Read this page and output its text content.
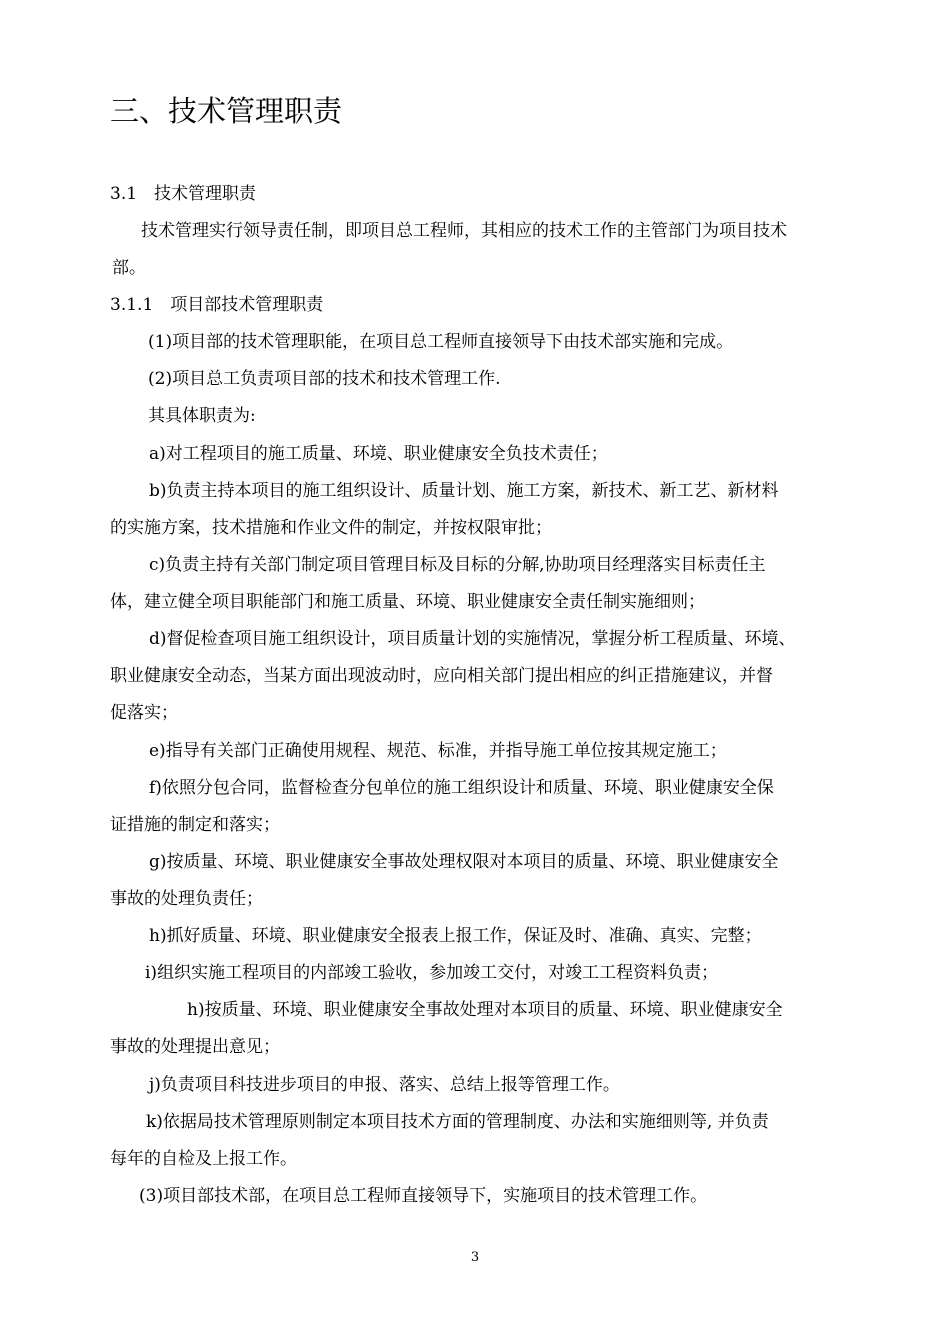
三、技术管理职责
3.1　技术管理职责
技术管理实行领导责任制，即项目总工程师，其相应的技术工作的主管部门为项目技术
部。
3.1.1　项目部技术管理职责
(1)项目部的技术管理职能，在项目总工程师直接领导下由技术部实施和完成。
(2)项目总工负责项目部的技术和技术管理工作.
其具体职责为:
a)对工程项目的施工质量、环境、职业健康安全负技术责任；
b)负责主持本项目的施工组织设计、质量计划、施工方案，新技术、新工艺、新材料
的实施方案，技术措施和作业文件的制定，并按权限审批；
c)负责主持有关部门制定项目管理目标及目标的分解,协助项目经理落实目标责任主
体，建立健全项目职能部门和施工质量、环境、职业健康安全责任制实施细则；
d)督促检查项目施工组织设计，项目质量计划的实施情况，掌握分析工程质量、环境、
职业健康安全动态，当某方面出现波动时，应向相关部门提出相应的纠正措施建议，并督
促落实；
e)指导有关部门正确使用规程、规范、标准，并指导施工单位按其规定施工；
f)依照分包合同，监督检查分包单位的施工组织设计和质量、环境、职业健康安全保
证措施的制定和落实；
g)按质量、环境、职业健康安全事故处理权限对本项目的质量、环境、职业健康安全
事故的处理负责任；
h)抓好质量、环境、职业健康安全报表上报工作，保证及时、准确、真实、完整；
i)组织实施工程项目的内部竣工验收，参加竣工交付，对竣工工程资料负责；
h)按质量、环境、职业健康安全事故处理对本项目的质量、环境、职业健康安全
事故的处理提出意见；
j)负责项目科技进步项目的申报、落实、总结上报等管理工作。
k)依据局技术管理原则制定本项目技术方面的管理制度、办法和实施细则等, 并负责
每年的自检及上报工作。
(3)项目部技术部，在项目总工程师直接领导下，实施项目的技术管理工作。
3
